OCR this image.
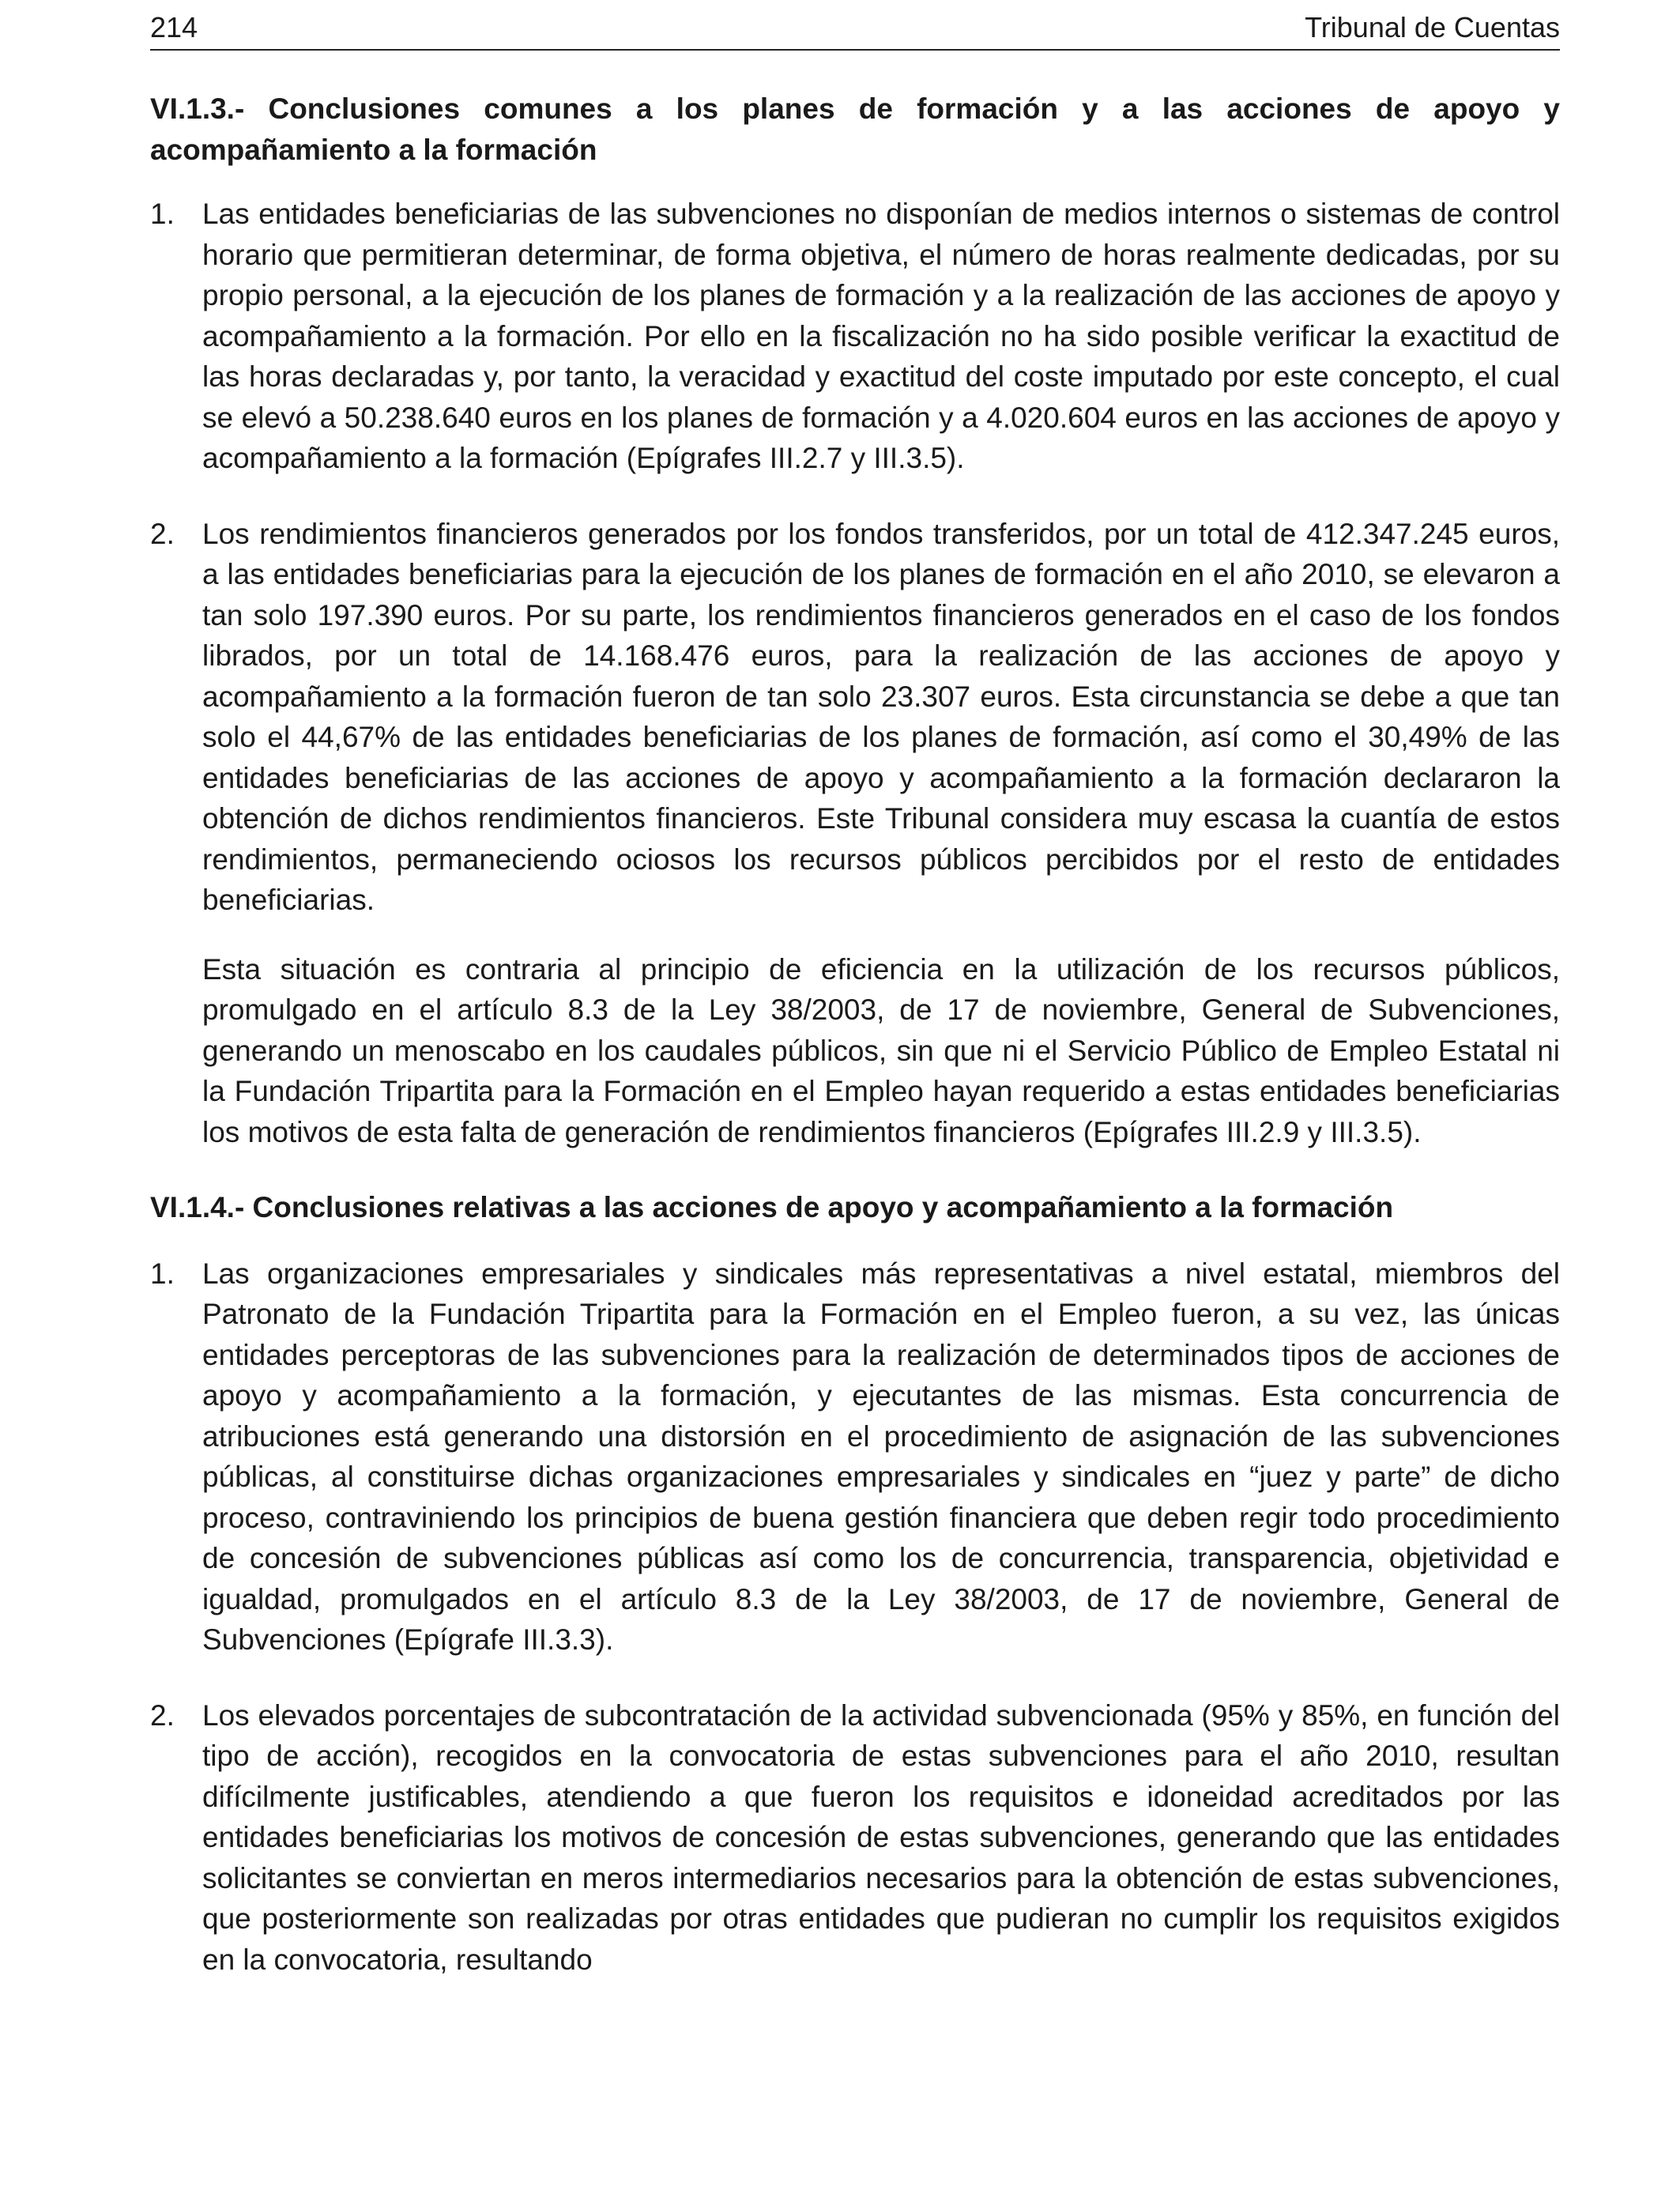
214	Tribunal de Cuentas
VI.1.3.- Conclusiones comunes a los planes de formación y a las acciones de apoyo y acompañamiento a la formación
1. Las entidades beneficiarias de las subvenciones no disponían de medios internos o sistemas de control horario que permitieran determinar, de forma objetiva, el número de horas realmente dedicadas, por su propio personal, a la ejecución de los planes de formación y a la realización de las acciones de apoyo y acompañamiento a la formación. Por ello en la fiscalización no ha sido posible verificar la exactitud de las horas declaradas y, por tanto, la veracidad y exactitud del coste imputado por este concepto, el cual se elevó a 50.238.640 euros en los planes de formación y a 4.020.604 euros en las acciones de apoyo y acompañamiento a la formación (Epígrafes III.2.7 y III.3.5).

2. Los rendimientos financieros generados por los fondos transferidos, por un total de 412.347.245 euros, a las entidades beneficiarias para la ejecución de los planes de formación en el año 2010, se elevaron a tan solo 197.390 euros. Por su parte, los rendimientos financieros generados en el caso de los fondos librados, por un total de 14.168.476 euros, para la realización de las acciones de apoyo y acompañamiento a la formación fueron de tan solo 23.307 euros. Esta circunstancia se debe a que tan solo el 44,67% de las entidades beneficiarias de los planes de formación, así como el 30,49% de las entidades beneficiarias de las acciones de apoyo y acompañamiento a la formación declararon la obtención de dichos rendimientos financieros. Este Tribunal considera muy escasa la cuantía de estos rendimientos, permaneciendo ociosos los recursos públicos percibidos por el resto de entidades beneficiarias.

Esta situación es contraria al principio de eficiencia en la utilización de los recursos públicos, promulgado en el artículo 8.3 de la Ley 38/2003, de 17 de noviembre, General de Subvenciones, generando un menoscabo en los caudales públicos, sin que ni el Servicio Público de Empleo Estatal ni la Fundación Tripartita para la Formación en el Empleo hayan requerido a estas entidades beneficiarias los motivos de esta falta de generación de rendimientos financieros (Epígrafes III.2.9 y III.3.5).

VI.1.4.- Conclusiones relativas a las acciones de apoyo y acompañamiento a la formación
1. Las organizaciones empresariales y sindicales más representativas a nivel estatal, miembros del Patronato de la Fundación Tripartita para la Formación en el Empleo fueron, a su vez, las únicas entidades perceptoras de las subvenciones para la realización de determinados tipos de acciones de apoyo y acompañamiento a la formación, y ejecutantes de las mismas. Esta concurrencia de atribuciones está generando una distorsión en el procedimiento de asignación de las subvenciones públicas, al constituirse dichas organizaciones empresariales y sindicales en “juez y parte” de dicho proceso, contraviniendo los principios de buena gestión financiera que deben regir todo procedimiento de concesión de subvenciones públicas así como los de concurrencia, transparencia, objetividad e igualdad, promulgados en el artículo 8.3 de la Ley 38/2003, de 17 de noviembre, General de Subvenciones (Epígrafe III.3.3).

2. Los elevados porcentajes de subcontratación de la actividad subvencionada (95% y 85%, en función del tipo de acción), recogidos en la convocatoria de estas subvenciones para el año 2010, resultan difícilmente justificables, atendiendo a que fueron los requisitos e idoneidad acreditados por las entidades beneficiarias los motivos de concesión de estas subvenciones, generando que las entidades solicitantes se conviertan en meros intermediarios necesarios para la obtención de estas subvenciones, que posteriormente son realizadas por otras entidades que pudieran no cumplir los requisitos exigidos en la convocatoria, resultando
